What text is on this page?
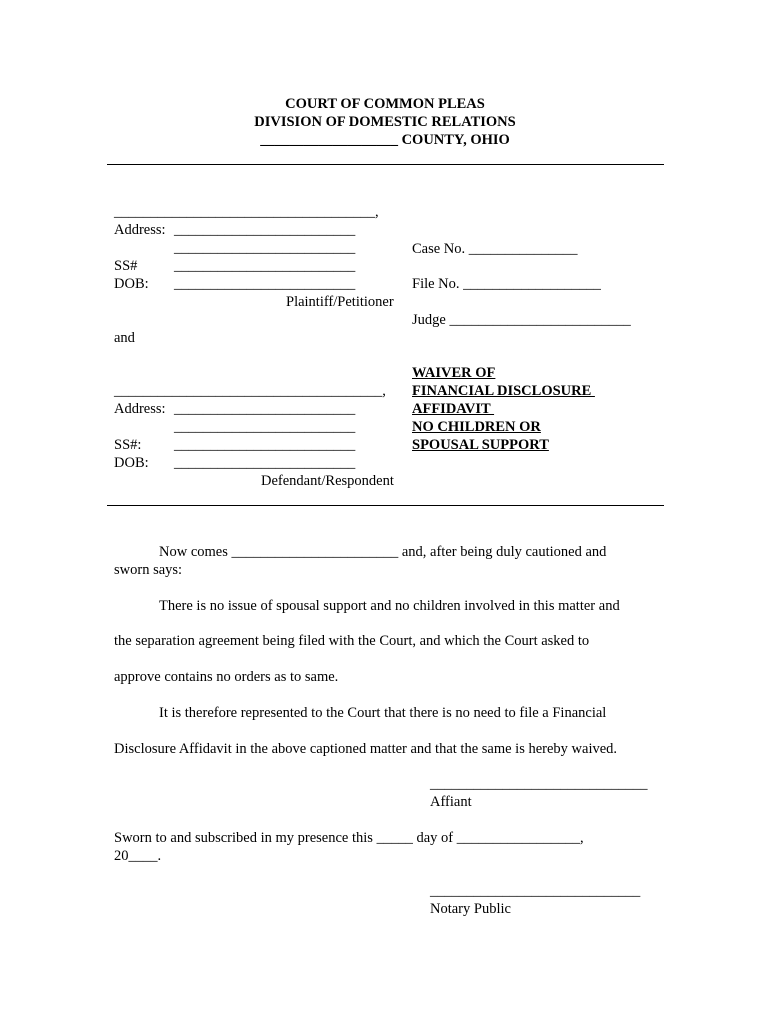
COURT OF COMMON PLEAS
DIVISION OF DOMESTIC RELATIONS
___________________ COUNTY, OHIO
____________________________________,
Address: _________________________
_________________________
SS#	_________________________
DOB: _________________________
Plaintiff/Petitioner
Case No. _______________
File No. ___________________
Judge _________________________
and
WAIVER OF
FINANCIAL DISCLOSURE
AFFIDAVIT
NO CHILDREN OR
SPOUSAL SUPPORT
_____________________________________,
Address: _________________________
_________________________
SS#: _________________________
DOB: _________________________
Defendant/Respondent
Now comes _______________________ and, after being duly cautioned and
sworn says:
There is no issue of spousal support and no children involved in this matter and
the separation agreement being filed with the Court, and which the Court asked to
approve contains no orders as to same.
It is therefore represented to the Court that there is no need to file a Financial
Disclosure Affidavit in the above captioned matter and that the same is hereby waived.
______________________________
Affiant
Sworn to and subscribed in my presence this _____ day of _________________,
20____.
_____________________________
Notary Public
